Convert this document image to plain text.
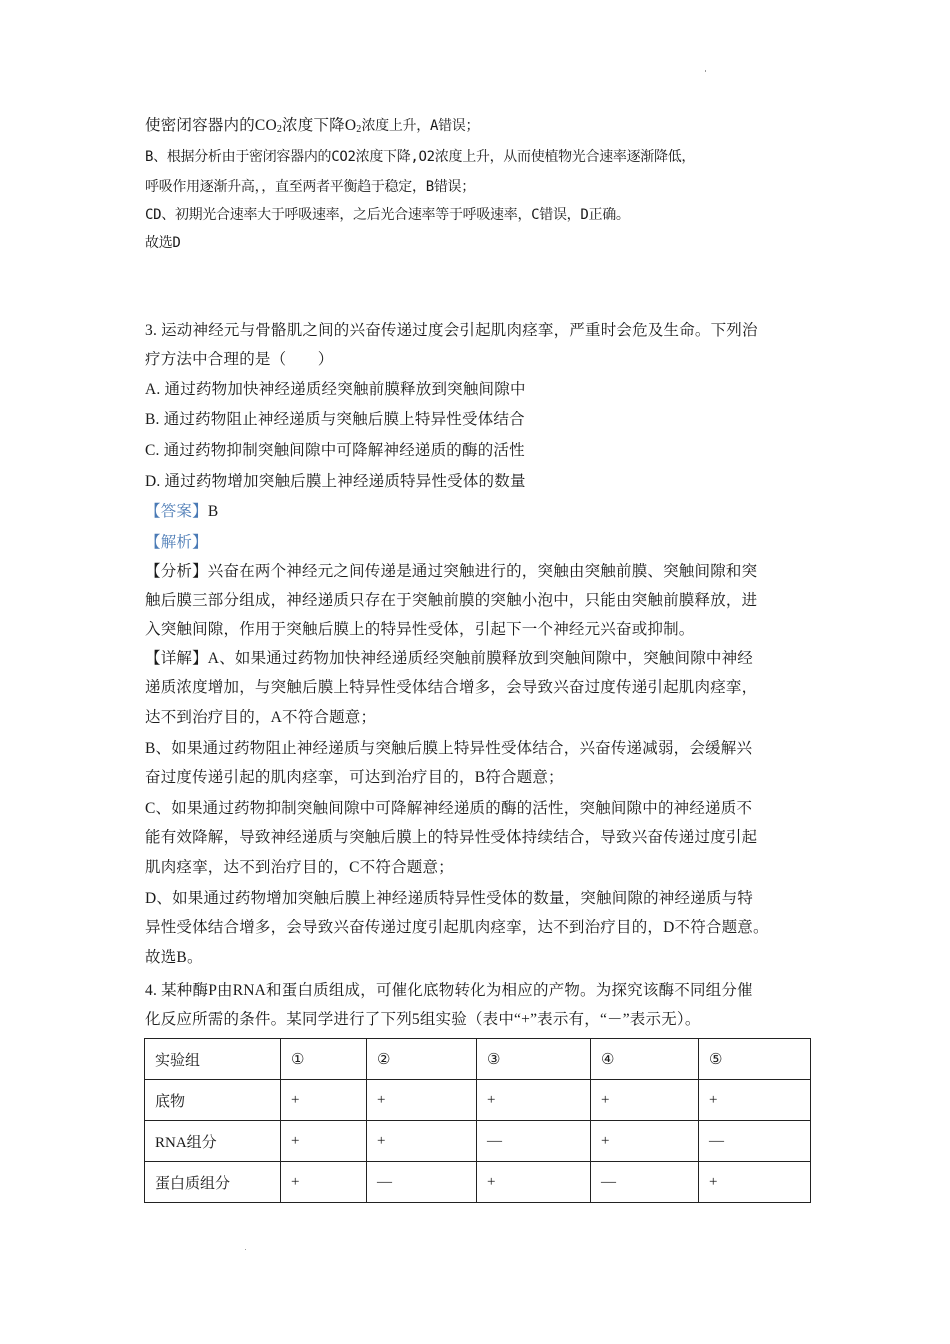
使密闭容器内的$CO_2$浓度下降$O_2$浓度上升，A错误；
B、根据分析由于密闭容器内的CO2浓度下降,O2浓度上升，从而使植物光合速率逐渐降低，
呼吸作用逐渐升高，，直至两者平衡趋于稳定，B错误；
CD、初期光合速率大于呼吸速率，之后光合速率等于呼吸速率，C错误，D正确。
故选D
3. 运动神经元与骨骼肌之间的兴奋传递过度会引起肌肉痉挛，严重时会危及生命。下列治
疗方法中合理的是（　　）
A. 通过药物加快神经递质经突触前膜释放到突触间隙中
B. 通过药物阻止神经递质与突触后膜上特异性受体结合
C. 通过药物抑制突触间隙中可降解神经递质的酶的活性
D. 通过药物增加突触后膜上神经递质特异性受体的数量
【答案】B
【解析】
【分析】兴奋在两个神经元之间传递是通过突触进行的，突触由突触前膜、突触间隙和突
触后膜三部分组成，神经递质只存在于突触前膜的突触小泡中，只能由突触前膜释放，进
入突触间隙，作用于突触后膜上的特异性受体，引起下一个神经元兴奋或抑制。
【详解】A、如果通过药物加快神经递质经突触前膜释放到突触间隙中，突触间隙中神经
递质浓度增加，与突触后膜上特异性受体结合增多，会导致兴奋过度传递引起肌肉痉挛，
达不到治疗目的，A不符合题意；
B、如果通过药物阻止神经递质与突触后膜上特异性受体结合，兴奋传递减弱，会缓解兴
奋过度传递引起的肌肉痉挛，可达到治疗目的，B符合题意；
C、如果通过药物抑制突触间隙中可降解神经递质的酶的活性，突触间隙中的神经递质不
能有效降解，导致神经递质与突触后膜上的特异性受体持续结合，导致兴奋传递过度引起
肌肉痉挛，达不到治疗目的，C不符合题意；
D、如果通过药物增加突触后膜上神经递质特异性受体的数量，突触间隙的神经递质与特
异性受体结合增多，会导致兴奋传递过度引起肌肉痉挛，达不到治疗目的，D不符合题意。
故选B。
4. 某种酶P由RNA和蛋白质组成，可催化底物转化为相应的产物。为探究该酶不同组分催
化反应所需的条件。某同学进行了下列5组实验（表中“+”表示有，“－”表示无）。
实验组	①	②	③	④	⑤
底物	+	+	+	+	+
RNA组分	+	+	—	+	—
蛋白质组分	+	—	+	—	+
